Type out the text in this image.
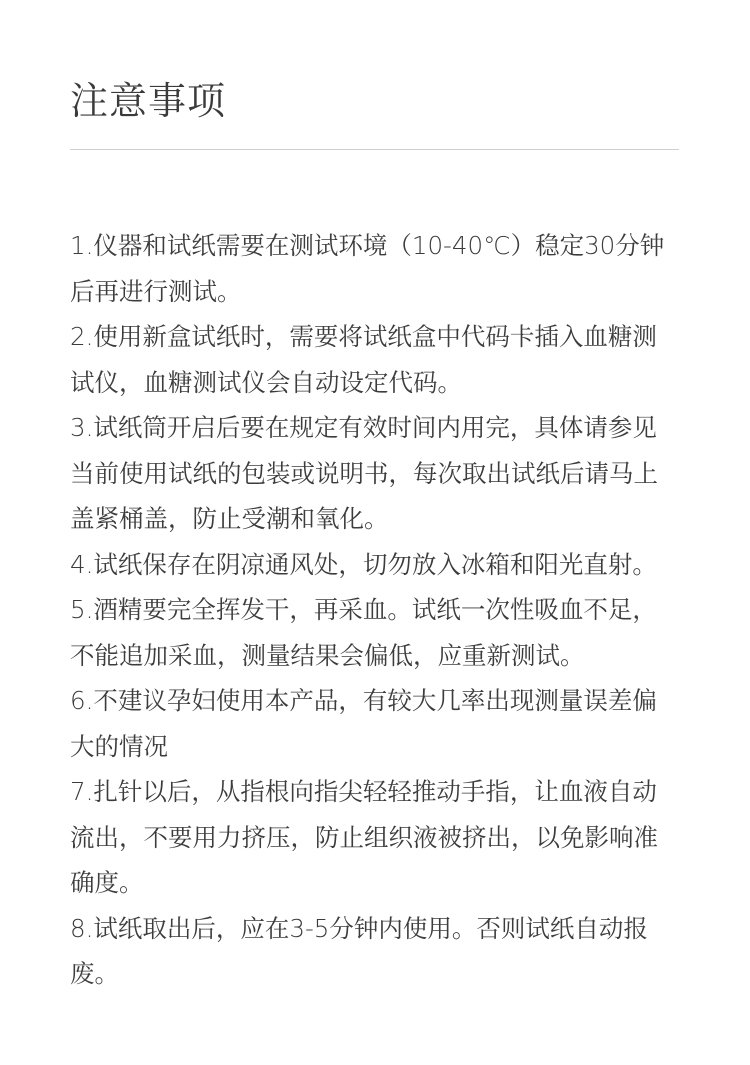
注意事项

1.仪器和试纸需要在测试环境（10-40℃）稳定30分钟后再进行测试。

2.使用新盒试纸时，需要将试纸盒中代码卡插入血糖测试仪，血糖测试仪会自动设定代码。

3.试纸筒开启后要在规定有效时间内用完，具体请参见当前使用试纸的包装或说明书，每次取出试纸后请马上盖紧桶盖，防止受潮和氧化。

4.试纸保存在阴凉通风处，切勿放入冰箱和阳光直射。

5.酒精要完全挥发干，再采血。试纸一次性吸血不足，不能追加采血，测量结果会偏低，应重新测试。

6.不建议孕妇使用本产品，有较大几率出现测量误差偏大的情况

7.扎针以后，从指根向指尖轻轻推动手指，让血液自动流出，不要用力挤压，防止组织液被挤出，以免影响准确度。

8.试纸取出后，应在3-5分钟内使用。否则试纸自动报废。
